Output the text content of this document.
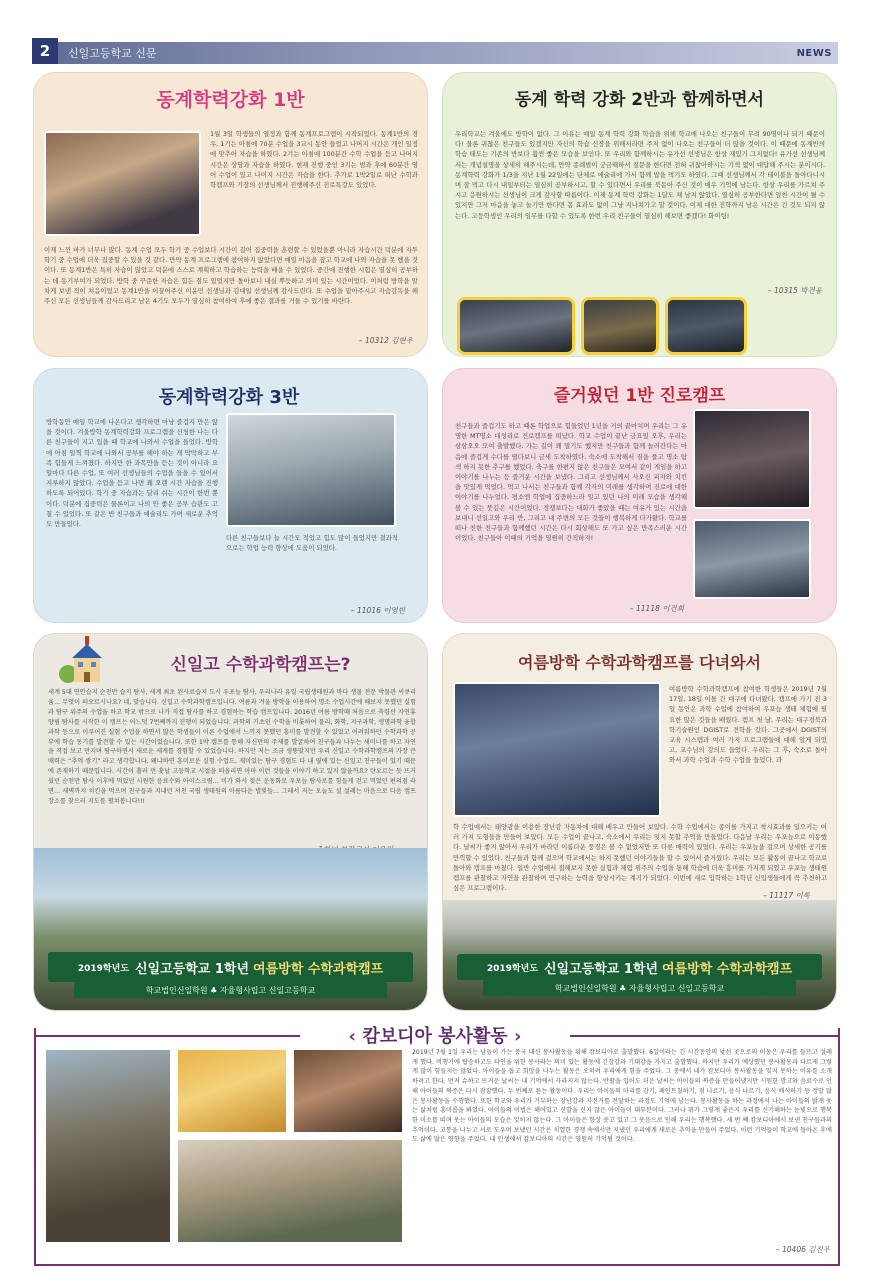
2	신일고등학교 신문	NEWS
동계학력강화 1반
1월 3일 학생들의 열정과 함께 동계프로그램이 시작되었다. 동계1반의 경우, 1기는 아침에 70분 수업을 3교시 동안 들었고 나머지 시간은 개인 일정에 맞추어 자습을 하였다. 2기는 아침에 100분간 수학 수업을 듣고 나머지 시간은 상담과 자습을 하였다. 현재 진행 중인 3기는 범과 후에 60분간 영어 수업이 있고 나머지 시간은 자습을 한다. 추가로 1박2일로 떠난 수학과학캠프와 기장의 선생님께서 진행해주신 진로특강도 있었다.
이제 느낀 바가 너무나 많다. 동계 수업 모두 학기 중 수업보다 시간이 길어 집중력을 훈련할 수 있었을뿐 아니라 자습시간 덕분에 자투 학기 중 수업에 더욱 집중할 수 있을 것 같다. 만약 동계 프로그램에 참여하지 않았다면 매일 마음을 잡고 학교에 나와 자습을 못 했을 것이다. 또 동계1반은 특히 자습이 많았고 덕분에 스스로 계획하고 학습하는 능력을 배울 수 있었다. 중간에 진행한 시험은 열심히 공부하는 데 동기부여가 되었다. 방학 중 꾸준한 자습은 힘든 점도 있었지만 돌아보니 내실 뿌듯하고 의미 있는 시간이었다. 이처럼 방학을 알차게 보낸 적이 처음이었고 동계1반을 이끌어주신 이윤민 선생님과 김대일 선생님께 감사드린다. 또 수업을 맡아주시고 자습감독을 해주신 모든 선생님들께 감사드리고 남은 4기도 모두가 열심히 참여하여 후에 좋은 결과를 거둘 수 있기를 바란다.
– 10312 김현우
동계 학력 강화 2반과 함께하면서
우리학교는 겨울에도 방학이 없다. 그 이유는 매일 동계 학력 강화 학습을 위해 학교에 나오는 친구들이 무려 90명이나 되기 때문이다! 물론 귀찮은 친구들도 있겠지만 자신의 학습 신장을 위해서라면 주저 없이 나오는 친구들이 더 많을 것이다. 이 때문에 동계반의 학습 태도는 기존의 반보다 훨씬 좋은 모습을 보인다. 또 우리와 함께하시는 유가선 선생님은 항상 재밌기 그지없다! 유가선 선생님께서는 개념설명을 상세히 해주시는데, 만약 종례범이 궁금해하셔 질문을 한다면 전혀 귀찮아하시는 기색 없이 대답해 주시는 분이시다. 동계학력 강화가 1/3을 지난 1월 22일에는 단체로 애슐리에 가서 함께 밥을 먹기도 하였다. 그때 선생님께서 각 테이블을 돌아다니시며 잘 먹고 다시 내일부터는 열심히 공부하시고, 할 수 있다면서 우리를 북돋아 주신 것이 매우 기억에 남는다. 항상 우리를 가르쳐 주시고 응원하시는 선생님이 크게 감사할 따름이다. 이제 동계 학력 강화는 1달도 채 남지 않았다. 열심히 공부한다면 알찬 시간이 될 수 있지만 그저 마음을 놓고 놀기만 한다면 몸 효과도 없이 그냥 지나쳐가고 말 것이다. 이제 대한 진학까지 남은 시간은 긴 것도 되지 않는다. 고등학생인 우리의 임무를 다할 수 있도록 한번 우리 친구들이 열심히 해보면 좋겠다! 화이팅!
– 10315 박건웅
동계학력강화 3반
방학동안 매일 학교에 나온다고 생각하면 마냥 즐겁지 만은 않을 것이다. 겨울방학 동계학력강화 프로그램을 신청한 나는 다른 친구들이 지고 있을 때 학교에 나와서 수업을 들었다. 방학에 아침 일찍 학교에 나와서 공부를 해야 하는 게 막막하고 부족 힘들게 느껴졌다. 하지만 한 과목만을 듣는 것이 아니라 요일마다 다른 수업, 또 여러 선생님들의 수업을 들을 수 있어서 지루하지 않았다. 수업을 듣고 나면 꽤 오랜 시간 자습을 진행하도록 되어있다. 학기 중 자습과는 달리 쉬는 시간이 한번 뿐이다. 덕분에 집중력은 물론이고 나의 안 좋은 공부 습관도 고칠 수 있었다. 또 같은 반 친구들과 애슐리도 가며 새로운 추억도 만들었다.
다른 친구들보다 늘 시간도 적었고 힘도 많이 들었지만 결과적으로는 학업 능력 향상에 도움이 되었다.
– 11016 이영빈
즐거웠던 1반 진로캠프
친구들과 즐겁기도 하고 때론 학업으로 힘들었던 1년을 거의 끝마치며 우리는 그 유명한 MT명소 대성리로 진로캠프를 떠났다. 학교 수업이 끝난 금요일 오후, 우리는 삼삼오오 모여 출발했다. 가는 길이 꽤 멀기도 했지만 친구들과 함께 놀러간다는 마음에 즐겁게 수다를 떨다보니 금세 도착하였다. 숙소에 도착해서 짐을 풀고 명소 탐색 하지 못한 추구를 했었다. 축구를 한편지 않은 친구들은 모여서 같이 게임을 하고 이야기를 나누는 등 즐거운 시간을 보냈다. 그리고 선생님께서 사오신 피자와 치킨을 맛있게 먹었다. 먹고 나서는 친구들과 함께 각자의 미래를 생각하며 진로에 대한 이야기를 나누었다. 평소엔 학업에 집중하느라 잊고 있던 나의 미래 모습을 생각해볼 수 있는 뜻깊은 시간이었다. 경쟁보다는 대화가 좋았을 때는 여유가 있는 시간을 보내니 선일고와 우리 반, 그리고 내 주변의 모든 것들이 행복하게 다가왔다. 학교를 떠나 친한 친구들과 함께했던 시간은 다시 회상해도 또 가고 싶은 만족스러운 시간이었다. 친구들아 이때의 기억을 영원히 간직하자!
– 11118 이건희
신일고 수학과학캠프는?
세계 5대 연안습지 순천만 습지 탐사, 세계 최초 된사료습지 도시 우포늪 탐사, 우리나라 유일 국립생태원과 바다 생물 전문 박물관 씨큐리움… 무엇이 떠오르시나요? 네, 맞습니다. 신일고 수학과학캠프입니다. 여름과 겨울 방학을 이용하여 명소 수업시간에 해보지 못했던 실험과 탐구 위주의 수업을 하고 학교 밖으로 나가 직접 탐사를 하고 경험하는 학습 캠프입니다. 2016년 여름 방학때 처음으로 축령산 자연휴양림 탐사를 시작한 이 캠프는 어느덧 7번째까지 진행이 되었습니다. 과학의 기초인 수학을 비롯하여 물리, 화학, 지구과학, 생명과학 융합과학 등으로 이루어진 실험 수업을 하면서 많은 학생들이 이론 수업에서 느끼지 못했던 흥미를 발견할 수 있었고 어려워하던 수학과학 공부에 학습 동기를 발견할 수 있는 시간이었습니다. 또한 1박 캠프를 통해 자신만의 주제를 발굴하여 친구들과 나누는 세미나를 하고 자연을 직접 보고 만지며 탐구하면서 새로운 세계를 경험할 수 있었습니다. 하지만 저는 조금 생뚱맞지만 우리 신일고 수학과학캠프의 가장 큰 매력은 “추억 쌓기” 라고 생각합니다. 왜냐하면 흥미로운 실험 수업도, 재미있는 탐구 경험도 다 내 옆에 있는 신일고 친구들이 있기 때문에 존재하기 때문입니다. 시간이 흘러 먼 훗날 고등학교 시절을 떠올리면 아마 이런 것들을 이야기 하고 있지 않을까요? 탄오르는 듯 뜨거웠던 순천만 탐사 이후에 먹었던 시원한 음료수와 아이스크림… 비가 와서 젖은 운동화로 우포늪 탐사로를 힘들게 걷고 먹었던 편의점 라면… 새벽까지 치킨을 먹으며 친구들과 지내던 서천 국립 생태원의 아름다운 별빛들… 그래서 저는 오늘도 설 설레는 마음으로 다음 캠프 장소를 찾으러 지도를 펼쳐봅니다!!!
2019학년도 신일고등학교 1학년 여름방학 수학과학캠프
학교법인신일학원 ♣ 자율형사립고 신일고등학교
여름방학 수학과학캠프를 다녀와서
여름방학 수학과학캠프에 참여한 학생들은 2019년 7월 17일, 18일 이틀 간 대구에 다녀왔다. 캠프에 가기 전 3일 동안은 과학 수업에 참여하여 우포늪 생태 체험에 필요한 많은 것들을 배웠다. 캠프 첫 날, 우리는 대구경북과학기술원인 DGIST로 견학을 갔다. 그곳에서 DGIST의 교육 시스템과 여러 가지 프로그램들에 대해 알게 되었고, 교수님의 강의도 들었다. 우리는 그 후, 숙소로 돌아와서 과학 수업과 수학 수업을 들었다. 과
학 수업에서는 태양광을 이용한 장난감 자동차에 대해 배우고 만들어 보았다. 수학 수업에서는 종이를 가지고 착시효과를 일으키는 여러 가지 도형들을 만들어 보았다. 모든 수업이 끝나고, 숙소에서 우리는 잊지 못할 추억을 만들었다. 다음날 우리는 우포늪으로 이동했다. 날씨가 좋지 않아서 우리가 바라던 이름다운 풍경은 볼 수 없었지만 또 다른 매력이 있었다. 우리는 우포늪을 걸으며 상세한 공기를 만끽할 수 있었다. 친구들과 함께 걸으며 학교에서는 하지 못했던 이야기들을 할 수 있어서 즐거웠다. 우리는 모든 활동이 끝나고 학교로 돌아와 캠프를 마쳤다. 일반 수업에서 접해보지 못한 실험과 체험 위주의 수업을 통해 학습에 더욱 흥미를 가지게 되었고 우포늪 생태원 캠프를 관찰하고 자연을 관찰하며 연구하는 능력을 향상시키는 계기가 되었다. 이번에 새로 입학하는 1학년 신입생들에게 꼭 추천하고 싶은 프로그램이다.
– 11117 이록
2019학년도 신일고등학교 1학년 여름방학 수학과학캠프
학교법인신일학원 ♣ 자율형사립고 신일고등학교
‹ 캄보디아 봉사활동 ›
2019년 7월 1일 우리는 남들이 가는 중국 대신 봉사활동을 위해 캄보디아로 출발했다. 6일이라는 긴 시간동안의 낯선 곳으로의 이동은 우리를 들뜨고 설레게 했다. 비행기에 탑승하고도 타인을 위한 봉사라는 의미 있는 활동에 긴장감과 기대감을 가지고 출발했다. 하지만 우리가 예상했던 봉사활동과 다르게 그렇게 많이 힘들지는 않았다. 아이들을 돕고 희망을 나누는 활동은 오히려 우리에게 힘을 주었다. 그 중에서 내가 캄보디아 봉사활동을 잊지 못하는 이유를 소개하려고 한다. 먼저 슈하고 뜨거운 날씨는 내 기억에서 사라지지 않는다. 반팔을 입어도 더운 날씨는 아이들의 짜증을 만들어냈지만 시원한 망고와 음료수로 인해 아이들의 짜증은 다시 잠잠했다. 두 번째로 튼는 활동이다. 우리는 아이들의 마리를 감기, 페인트칠하기, 점 나르기, 음식 나르기, 음식 배식하기 등 정말 많은 봉사활동을 수행했다. 또한 학교와 우리가 기부하는 장난감과 자전거를 전달하는 과정도 기억에 남는다. 봉사활동을 하는 과정에서 나는 아이들의 밝게 웃는 삶처럼 흥미롭을 봐였다. 아이들의 이벌은 해어있고 신발을 신지 않은 아이들이 대부분이다. 그러나 뭐가 그렇게 좋은지 우리를 신기해하는 눈빛으로 행복한 미소를 띠며 웃는 아이들의 모습은 잊히지 않는다. 그 아이들은 항상 웃고 있고 그 웃음으로 인해 우리는 행복했다. 세 번 째 캄보디아에서 보낸 친구들과의 추억이다. 고통을 나누고 서로 도우며 보냈던 시간은 치열한 경쟁 속에서만 지냈던 우리에게 새로운 추억을 만들어 주었다. 이런 기억들이 학교에 돌아온 후에도 삶에 많은 영향을 주었다. 내 인생에서 캄보디아의 시간은 영원히 기억될 것이다.
– 10406 김진우
